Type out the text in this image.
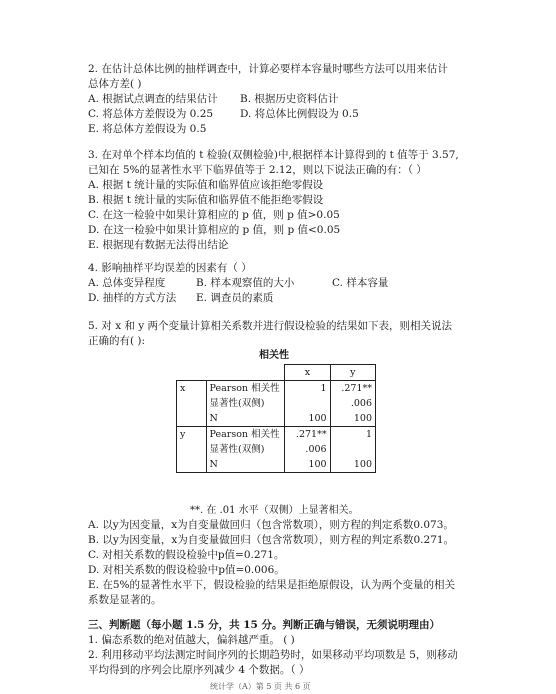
2. 在估计总体比例的抽样调查中，计算必要样本容量时哪些方法可以用来估计
总体方差( )
A. 根据试点调查的结果估计	B. 根据历史资料估计
C. 将总体方差假设为 0.25	D. 将总体比例假设为 0.5
E. 将总体方差假设为 0.5
3. 在对单个样本均值的 t 检验(双侧检验)中,根据样本计算得到的 t 值等于 3.57,
已知在 5%的显著性水平下临界值等于 2.12，则以下说法正确的有：（ ）
A. 根据 t 统计量的实际值和临界值应该拒绝零假设
B. 根据 t 统计量的实际值和临界值不能拒绝零假设
C. 在这一检验中如果计算相应的 p 值，则 p 值>0.05
D. 在这一检验中如果计算相应的 p 值，则 p 值<0.05
E. 根据现有数据无法得出结论
4. 影响抽样平均误差的因素有（ ）
A. 总体变异程度	B. 样本观察值的大小	C. 样本容量
D. 抽样的方式方法	E. 调查员的素质
5. 对 x 和 y 两个变量计算相关系数并进行假设检验的结果如下表，则相关说法
正确的有( ):
相关性
		x	y
x	Pearson 相关性	1	.271**
	显著性(双侧)		.006
	N	100	100
y	Pearson 相关性	.271**	1
	显著性(双侧)	.006	
	N	100	100
**. 在 .01 水平（双侧）上显著相关。
A. 以y为因变量，x为自变量做回归（包含常数项），则方程的判定系数0.073。
B. 以y为因变量，x为自变量做回归（包含常数项），则方程的判定系数0.271。
C. 对相关系数的假设检验中p值=0.271。
D. 对相关系数的假设检验中p值=0.006。
E. 在5%的显著性水平下，假设检验的结果是拒绝原假设，认为两个变量的相关
系数是显著的。
三、判断题（每小题 1.5 分，共 15 分。判断正确与错误，无须说明理由）
1. 偏态系数的绝对值越大，偏斜越严重。 ( )
2. 利用移动平均法测定时间序列的长期趋势时，如果移动平均项数是 5，则移动
平均得到的序列会比原序列减少 4 个数据。（ ）
统计学（A）第 5 页 共 6 页
